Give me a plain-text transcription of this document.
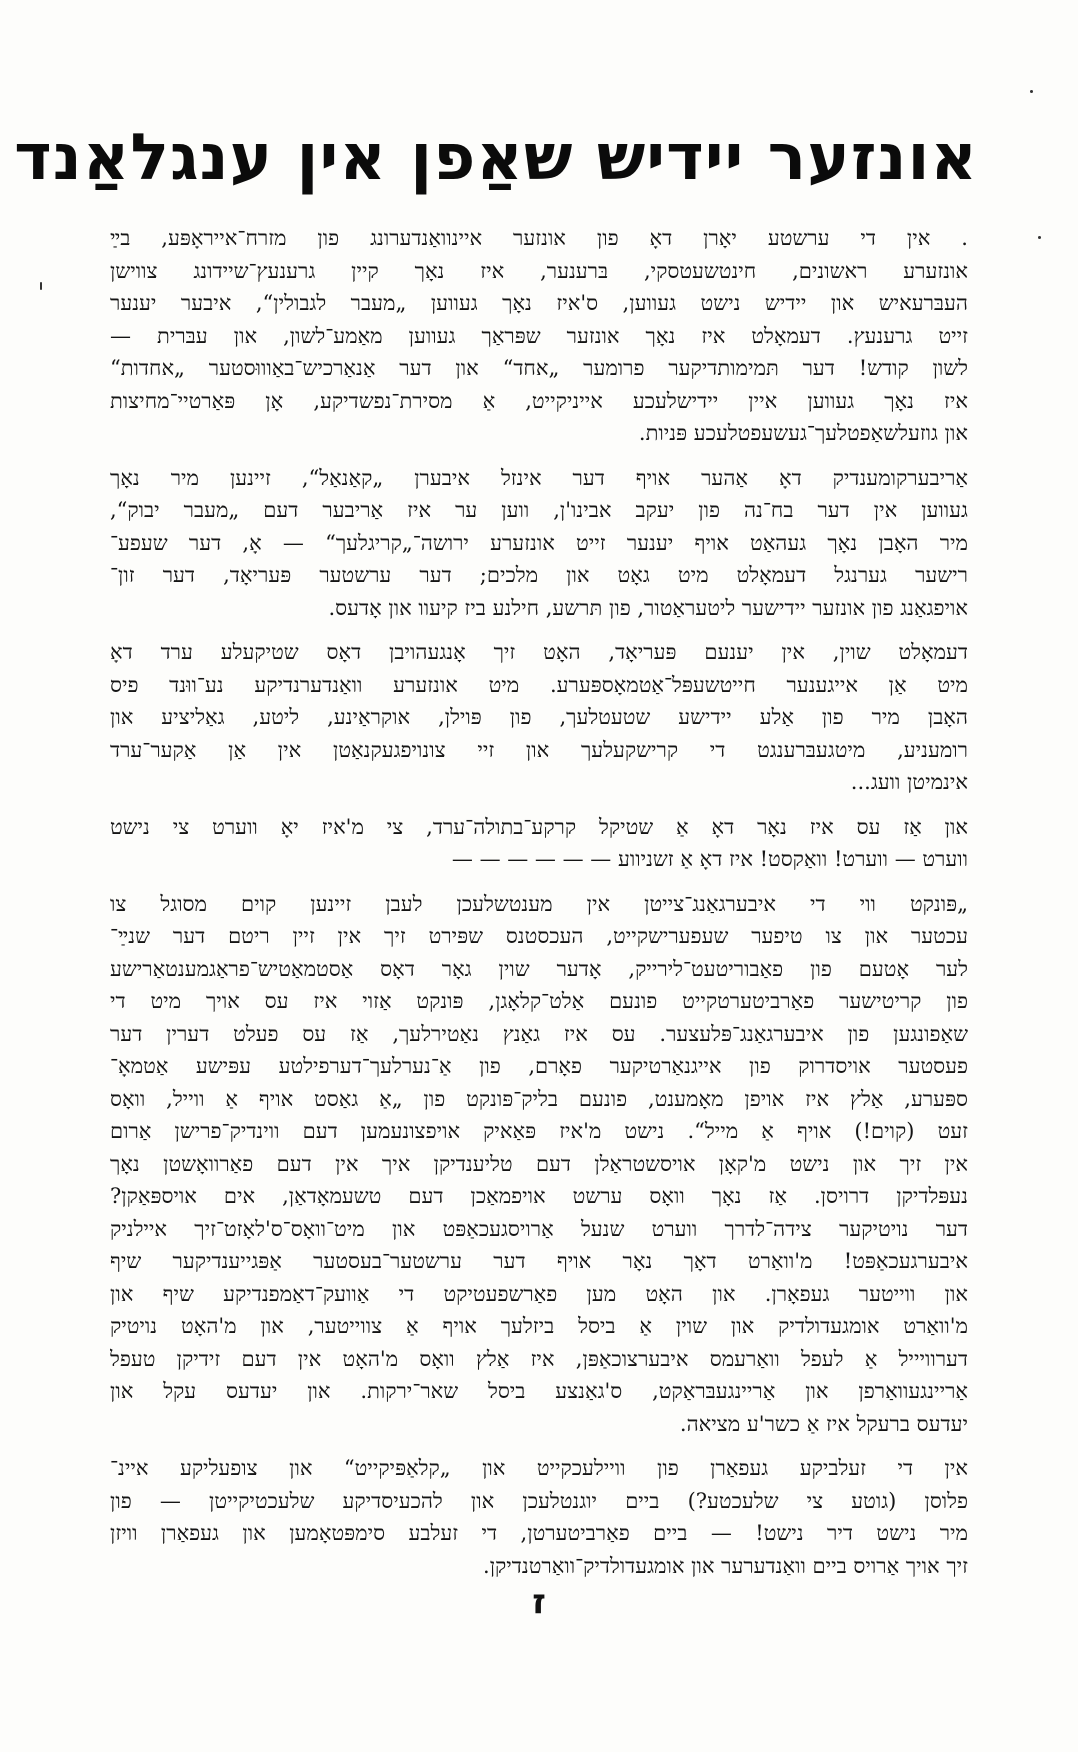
אונזער יידיש שאַפן אין ענגלאַנד
. אין די ערשטע יאָרן דאָ פון אונזער איינוואַנדערונג פון מזרח־אייראָפּע, בײַ
אונזערע ראשונים, חינטשעטסקי, בּרענער, איז נאָך קיין גרענעץ־שיידונג צווישן
העבּרעאיש און יידיש נישט געווען, ס'איז נאָך געווען „מעבר לגבולין“, איבער יענער
זייט גרענעץ. דעמאָלט איז נאָך אונזער שפּראַך געווען מאַמע־לשון, און עבּרית —
לשון קודש! דער תּמימותדיקער פרומער „אחד“ און דער אַנאַרכיש־באַוווּסטער „אחדות“
איז נאָך געווען איין יידישלעכע אייניקייט, אַ מסירת־נפשדיקע, אָן פּאַרטיי־מחיצות
און גוזעלשאַפטלעך־געשעפטלעכע פּניות.
אַריבערקומענדיק דאָ אַהער אויף דער אינזל איבערן „קאַנאַל“, זיינען מיר נאָך
געווען אין דער בח־נה פון יעקב אבינו'ן, ווען ער איז אַריבער דעם „מעבר יבוק“,
מיר האָבן נאָך געהאַט אויף יענער זייט אונזערע ירושה־„קריגלעך“ — אָ, דער שעפע־
רישער גערנגל דעמאָלט מיט גאָט און מלכים; דער ערשטער פּעריאָד, דער זון־
אויפגאַנג פון אונזער יידישער ליטעראַטור, פון תּרשע, חילנע ביז קיעוו און אָדעס.
דעמאָלט שוין, אין יענעם פּעריאָד, האָט זיך אָנגעהויבן דאָס שטיקעלע ערד דאָ
מיט אַן אייגענער חייטשעפּל־אַטמאָספּערע. מיט אונזערע וואַנדערנדיקע נע־ווּנד פיס
האָבן מיר פון אַלע יידישע שטעטלעך, פון פּוילן, אוקראַינע, ליטע, גאַליציע און
רומעניע, מיטגעבּרענגט די קרישקעלעך און זיי צונויפגעקנאַטן אין אַן אַקער־ערד
אינמיטן וועג...
און אַז עס איז נאָר דאָ אַ שטיקל קרקע־בתולה־ערד, צי מ'איז יאָ ווערט צי נישט
ווערט — ווערט! וואַקסט! איז דאָ אַ זשניווע — — — — — —
„פּונקט ווי די איבערגאַנג־צייטן אין מענטשלעכן לעבן זיינען קוים מסוגל צו
עכטער און צו טיפער שעפערישקייט, העכסטנס שפּירט זיך אין זיין ריטם דער שנײַ־
לער אָטעם פון פאַבוריטעט־לירייק, אָדער שוין גאָר דאָס אַסטמאַטיש־פראַגמענטאַרישע
פון קריטישער פאַרביטערטקייט פונעם אַלט־קלאָגן, פּונקט אַזוי איז עס אויך מיט די
שאַפונגען פון איבערגאַנג־פּלעצער. עס איז גאַנץ נאַטירלעך, אַז עס פעלט דערין דער
פעסטער אויסדרוק פון אייגנאַרטיקער פאָרם, פון אַ־נערלעך־דערפילטע עפּישע אַטמאָ־
ספּערע, אַלץ איז אויפן מאָמענט, פונעם בליק־פּונקט פון „אַ גאַסט אויף אַ ווייל, וואָס
זעט (קוים!) אויף אַ מייל“. נישט מ'איז פּאַאיק אויפצונעמען דעם ווינדיק־פרישן אַרום
אין זיך און נישט מ'קאָן אויסשטראַלן דעם טליענדיקן איך אין דעם פאַרוואָשטן נאָך
נעפּלדיקן דרויסן. אַז נאָך וואָס ערשט אויפמאַכן דעם טשעמאָדאַן, אים אויספּאַקן?
דער נויטיקער צידה־לדרך ווערט שנעל אַרויסגעכאַפּט און מיט־וואָס־ס'לאָזט־זיך איילניק
איבערגעכאַפּט! מ'וואַרט דאָך נאָר אויף דער ערשטער־בעסטער אַפּגייענדיקער שיף
און ווייטער געפאָרן. און האָט מען פאַרשפעטיקט די אַוועק־דאַמפנדיקע שיף און
מ'וואַרט אומגעדולדיק און שוין אַ ביסל ביזלעך אויף אַ צווייטער, און מ'האָט נויטיק
דערוויייל אַ לעפל וואַרעמס איבערצוכאַפּן, איז אַלץ וואָס מ'האָט אין דעם זידיקן טעפל
אַריינגעוואַרפן און אַריינגעבּראַקט, ס'גאַנצע ביסל שאר־ירקות. און יעדעס עקל און
יעדעס ברעקל איז אַ כשר'ע מציאה.
אין די זעלביקע געפאַרן פון וויילעכקייט און „קלאַפּיקייט“ און צופעליקע איינ־
פלוסן (גוטע צי שלעכטע?) ביים יוגנטלעכן און להכעיסדיקע שלעכטיקייטן — פון
מיר נישט דיר נישט! — ביים פאַרביטערטן, די זעלבע סימפּטאָמען און געפאַרן וויזן
זיך אויך אַרויס ביים וואַנדערער און אומגעדולדיק־וואַרטנדיקן.
ז
